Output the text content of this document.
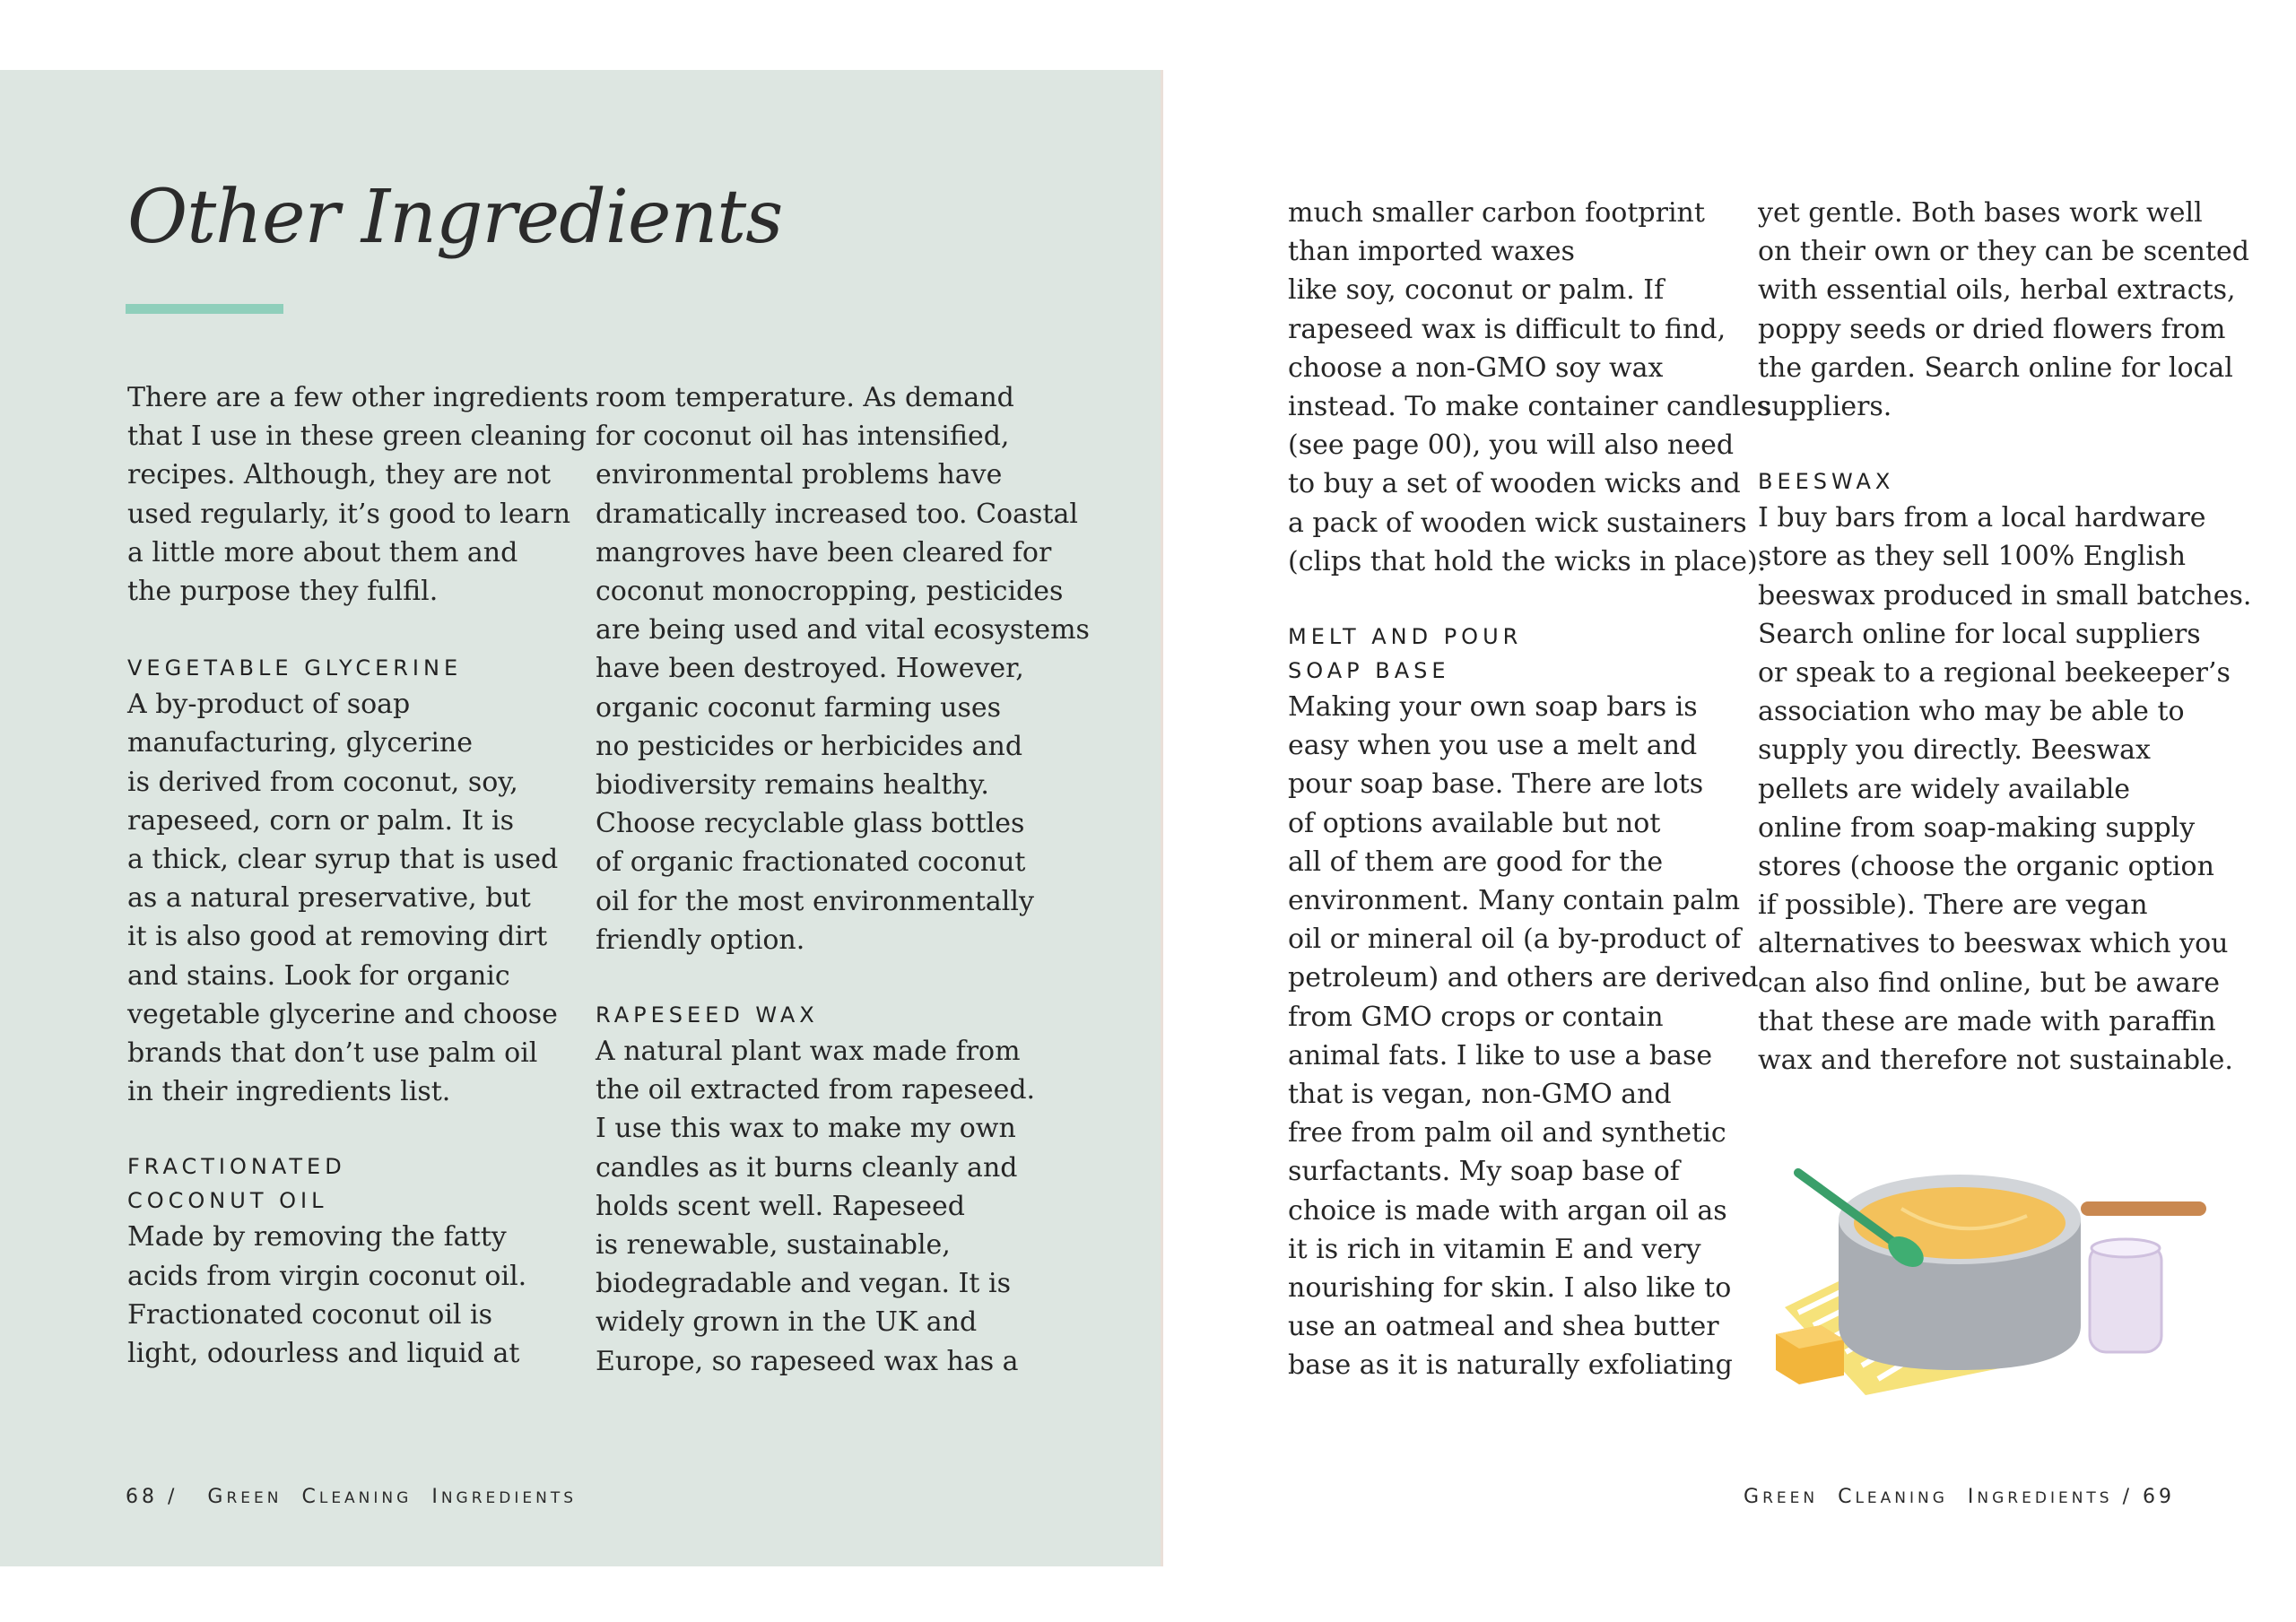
Other Ingredients

There are a few other ingredients
that I use in these green cleaning
recipes. Although, they are not
used regularly, it’s good to learn
a little more about them and
the purpose they fulfil.

VEGETABLE GLYCERINE

A by-product of soap
manufacturing, glycerine
is derived from coconut, soy,
rapeseed, corn or palm. It is
a thick, clear syrup that is used
as a natural preservative, but
it is also good at removing dirt
and stains. Look for organic
vegetable glycerine and choose
brands that don’t use palm oil
in their ingredients list.

FRACTIONATED
COCONUT OIL

Made by removing the fatty
acids from virgin coconut oil.
Fractionated coconut oil is
light, odourless and liquid at

room temperature. As demand
for coconut oil has intensified,
environmental problems have
dramatically increased too. Coastal
mangroves have been cleared for
coconut monocropping, pesticides
are being used and vital ecosystems
have been destroyed. However,
organic coconut farming uses
no pesticides or herbicides and
biodiversity remains healthy.
Choose recyclable glass bottles
of organic fractionated coconut
oil for the most environmentally
friendly option.

RAPESEED WAX

A natural plant wax made from
the oil extracted from rapeseed.
I use this wax to make my own
candles as it burns cleanly and
holds scent well. Rapeseed
is renewable, sustainable,
biodegradable and vegan. It is
widely grown in the UK and
Europe, so rapeseed wax has a

much smaller carbon footprint
than imported waxes
like soy, coconut or palm. If
rapeseed wax is difficult to find,
choose a non-GMO soy wax
instead. To make container candles
(see page 00), you will also need
to buy a set of wooden wicks and
a pack of wooden wick sustainers
(clips that hold the wicks in place).

MELT AND POUR
SOAP BASE

Making your own soap bars is
easy when you use a melt and
pour soap base. There are lots
of options available but not
all of them are good for the
environment. Many contain palm
oil or mineral oil (a by-product of
petroleum) and others are derived
from GMO crops or contain
animal fats. I like to use a base
that is vegan, non-GMO and
free from palm oil and synthetic
surfactants. My soap base of
choice is made with argan oil as
it is rich in vitamin E and very
nourishing for skin. I also like to
use an oatmeal and shea butter
base as it is naturally exfoliating

yet gentle. Both bases work well
on their own or they can be scented
with essential oils, herbal extracts,
poppy seeds or dried flowers from
the garden. Search online for local
suppliers.

BEESWAX

I buy bars from a local hardware
store as they sell 100% English
beeswax produced in small batches.
Search online for local suppliers
or speak to a regional beekeeper’s
association who may be able to
supply you directly. Beeswax
pellets are widely available
online from soap-making supply
stores (choose the organic option
if possible). There are vegan
alternatives to beeswax which you
can also find online, but be aware
that these are made with paraffin
wax and therefore not sustainable.

68 / GREEN CLEANING INGREDIENTS	GREEN CLEANING INGREDIENTS / 69
